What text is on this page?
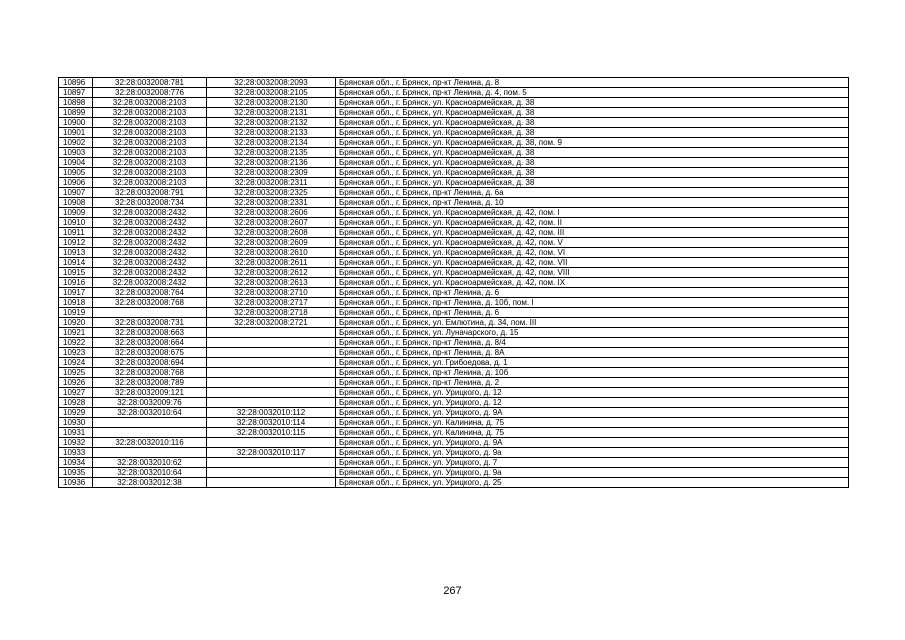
10896	32:28:0032008:781	32:28:0032008:2093	Брянская обл., г. Брянск, пр-кт Ленина, д. 8
10897	32:28:0032008:776	32:28:0032008:2105	Брянская обл., г. Брянск, пр-кт Ленина, д. 4, пом. 5
10898	32:28:0032008:2103	32:28:0032008:2130	Брянская обл., г. Брянск, ул. Красноармейская, д. 38
10899	32:28:0032008:2103	32:28:0032008:2131	Брянская обл., г. Брянск, ул. Красноармейская, д. 38
10900	32:28:0032008:2103	32:28:0032008:2132	Брянская обл., г. Брянск, ул. Красноармейская, д. 38
10901	32:28:0032008:2103	32:28:0032008:2133	Брянская обл., г. Брянск, ул. Красноармейская, д. 38
10902	32:28:0032008:2103	32:28:0032008:2134	Брянская обл., г. Брянск, ул. Красноармейская, д. 38, пом. 9
10903	32:28:0032008:2103	32:28:0032008:2135	Брянская обл., г. Брянск, ул. Красноармейская, д. 38
10904	32:28:0032008:2103	32:28:0032008:2136	Брянская обл., г. Брянск, ул. Красноармейская, д. 38
10905	32:28:0032008:2103	32:28:0032008:2309	Брянская обл., г. Брянск, ул. Красноармейская, д. 38
10906	32:28:0032008:2103	32:28:0032008:2311	Брянская обл., г. Брянск, ул. Красноармейская, д. 38
10907	32:28:0032008:791	32:28:0032008:2325	Брянская обл., г. Брянск, пр-кт Ленина, д. 6а
10908	32:28:0032008:734	32:28:0032008:2331	Брянская обл., г. Брянск, пр-кт Ленина, д. 10
10909	32:28:0032008:2432	32:28:0032008:2606	Брянская обл., г. Брянск, ул. Красноармейская, д. 42, пом. I
10910	32:28:0032008:2432	32:28:0032008:2607	Брянская обл., г. Брянск, ул. Красноармейская, д. 42, пом. II
10911	32:28:0032008:2432	32:28:0032008:2608	Брянская обл., г. Брянск, ул. Красноармейская, д. 42, пом. III
10912	32:28:0032008:2432	32:28:0032008:2609	Брянская обл., г. Брянск, ул. Красноармейская, д. 42, пом. V
10913	32:28:0032008:2432	32:28:0032008:2610	Брянская обл., г. Брянск, ул. Красноармейская, д. 42, пом. VI
10914	32:28:0032008:2432	32:28:0032008:2611	Брянская обл., г. Брянск, ул. Красноармейская, д. 42, пом. VII
10915	32:28:0032008:2432	32:28:0032008:2612	Брянская обл., г. Брянск, ул. Красноармейская, д. 42, пом. VIII
10916	32:28:0032008:2432	32:28:0032008:2613	Брянская обл., г. Брянск, ул. Красноармейская, д. 42, пом. IX
10917	32:28:0032008:764	32:28:0032008:2710	Брянская обл., г. Брянск, пр-кт Ленина, д. 6
10918	32:28:0032008:768	32:28:0032008:2717	Брянская обл., г. Брянск, пр-кт Ленина, д. 10б, пом. I
10919		32:28:0032008:2718	Брянская обл., г. Брянск, пр-кт Ленина, д. 6
10920	32:28:0032008:731	32:28:0032008:2721	Брянская обл., г. Брянск, ул. Емлютина, д. 34, пом. III
10921	32:28:0032008:663		Брянская обл., г. Брянск, ул. Луначарского, д. 15
10922	32:28:0032008:664		Брянская обл., г. Брянск, пр-кт Ленина, д. 8/4
10923	32:28:0032008:675		Брянская обл., г. Брянск, пр-кт Ленина, д. 8А
10924	32:28:0032008:694		Брянская обл., г. Брянск, ул. Грибоедова, д. 1
10925	32:28:0032008:768		Брянская обл., г. Брянск, пр-кт Ленина, д. 10б
10926	32:28:0032008:789		Брянская обл., г. Брянск, пр-кт Ленина, д. 2
10927	32:28:0032009:121		Брянская обл., г. Брянск, ул. Урицкого, д. 12
10928	32:28:0032009:76		Брянская обл., г. Брянск, ул. Урицкого, д. 12
10929	32:28:0032010:64	32:28:0032010:112	Брянская обл., г. Брянск, ул. Урицкого, д. 9А
10930		32:28:0032010:114	Брянская обл., г. Брянск, ул. Калинина, д. 75
10931		32:28:0032010:115	Брянская обл., г. Брянск, ул. Калинина, д. 75
10932	32:28:0032010:116		Брянская обл., г. Брянск, ул. Урицкого, д. 9А
10933		32:28:0032010:117	Брянская обл., г. Брянск, ул. Урицкого, д. 9а
10934	32:28:0032010:62		Брянская обл., г. Брянск, ул. Урицкого, д. 7
10935	32:28:0032010:64		Брянская обл., г. Брянск, ул. Урицкого, д. 9а
10936	32:28:0032012:38		Брянская обл., г. Брянск, ул. Урицкого, д. 25
267
